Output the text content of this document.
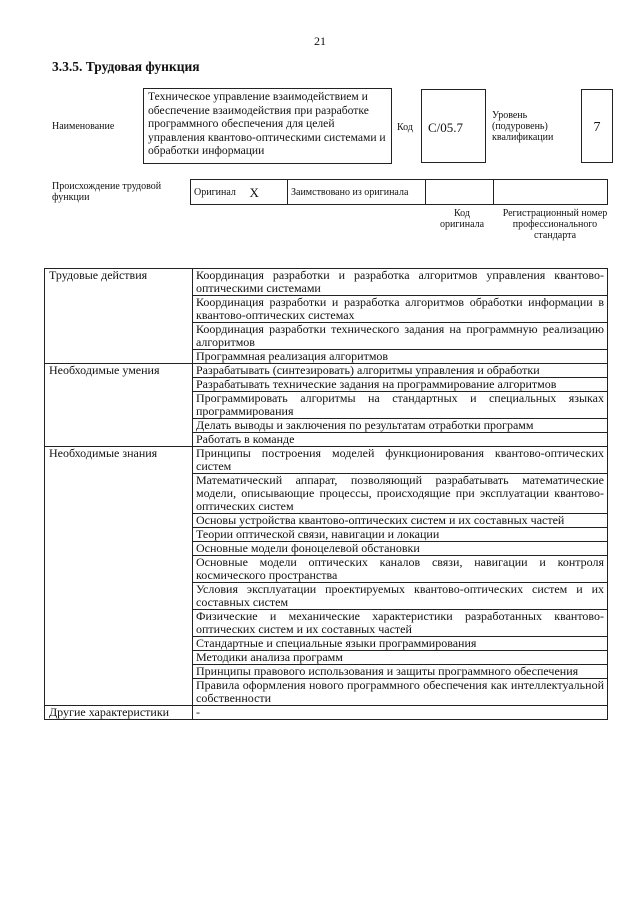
21
3.3.5. Трудовая функция
Наименование
Техническое управление взаимодействием и обеспечение взаимодействия при разработке программного обеспечения для целей управления квантово-оптическими системами и обработки информации
Код	C/05.7
Уровень (подуровень) квалификации
7
Происхождение трудовой функции	Оригинал	X	Заимствовано из оригинала		
Код оригинала
Регистрационный номер профессионального стандарта
Трудовые действия	Координация разработки и разработка алгоритмов управления квантово-оптическими системами
	Координация разработки и разработка алгоритмов обработки информации в квантово-оптических системах
	Координация разработки технического задания на программную реализацию алгоритмов
	Программная реализация алгоритмов
Необходимые умения	Разрабатывать (синтезировать) алгоритмы управления и обработки
	Разрабатывать технические задания на программирование алгоритмов
	Программировать алгоритмы на стандартных и специальных языках программирования
	Делать выводы и заключения по результатам отработки программ
	Работать в команде
Необходимые знания	Принципы построения моделей функционирования квантово-оптических систем
	Математический аппарат, позволяющий разрабатывать математические модели, описывающие процессы, происходящие при эксплуатации квантово-оптических систем
	Основы устройства квантово-оптических систем и их составных частей
	Теории оптической связи, навигации и локации
	Основные модели фоноцелевой обстановки
	Основные модели оптических каналов связи, навигации и контроля космического пространства
	Условия эксплуатации проектируемых квантово-оптических систем и их составных систем
	Физические и механические характеристики разработанных квантово-оптических систем и их составных частей
	Стандартные и специальные языки программирования
	Методики анализа программ
	Принципы правового использования и защиты программного обеспечения
	Правила оформления нового программного обеспечения как интеллектуальной собственности
Другие характеристики	-
